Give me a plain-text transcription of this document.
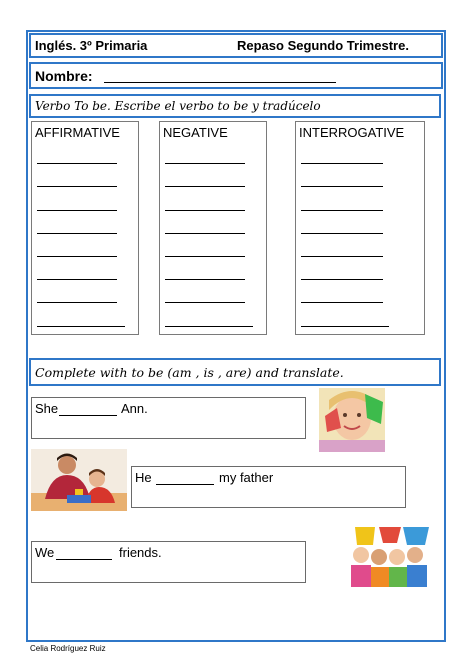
Inglés. 3º Primaria	Repaso Segundo Trimestre.
Nombre:
Verbo To be. Escribe el verbo to be y tradúcelo
AFFIRMATIVE	NEGATIVE	INTERROGATIVE
Complete with to be (am , is , are) and translate.
She	Ann.
He	my father
We	friends.
Celia Rodríguez Ruiz
